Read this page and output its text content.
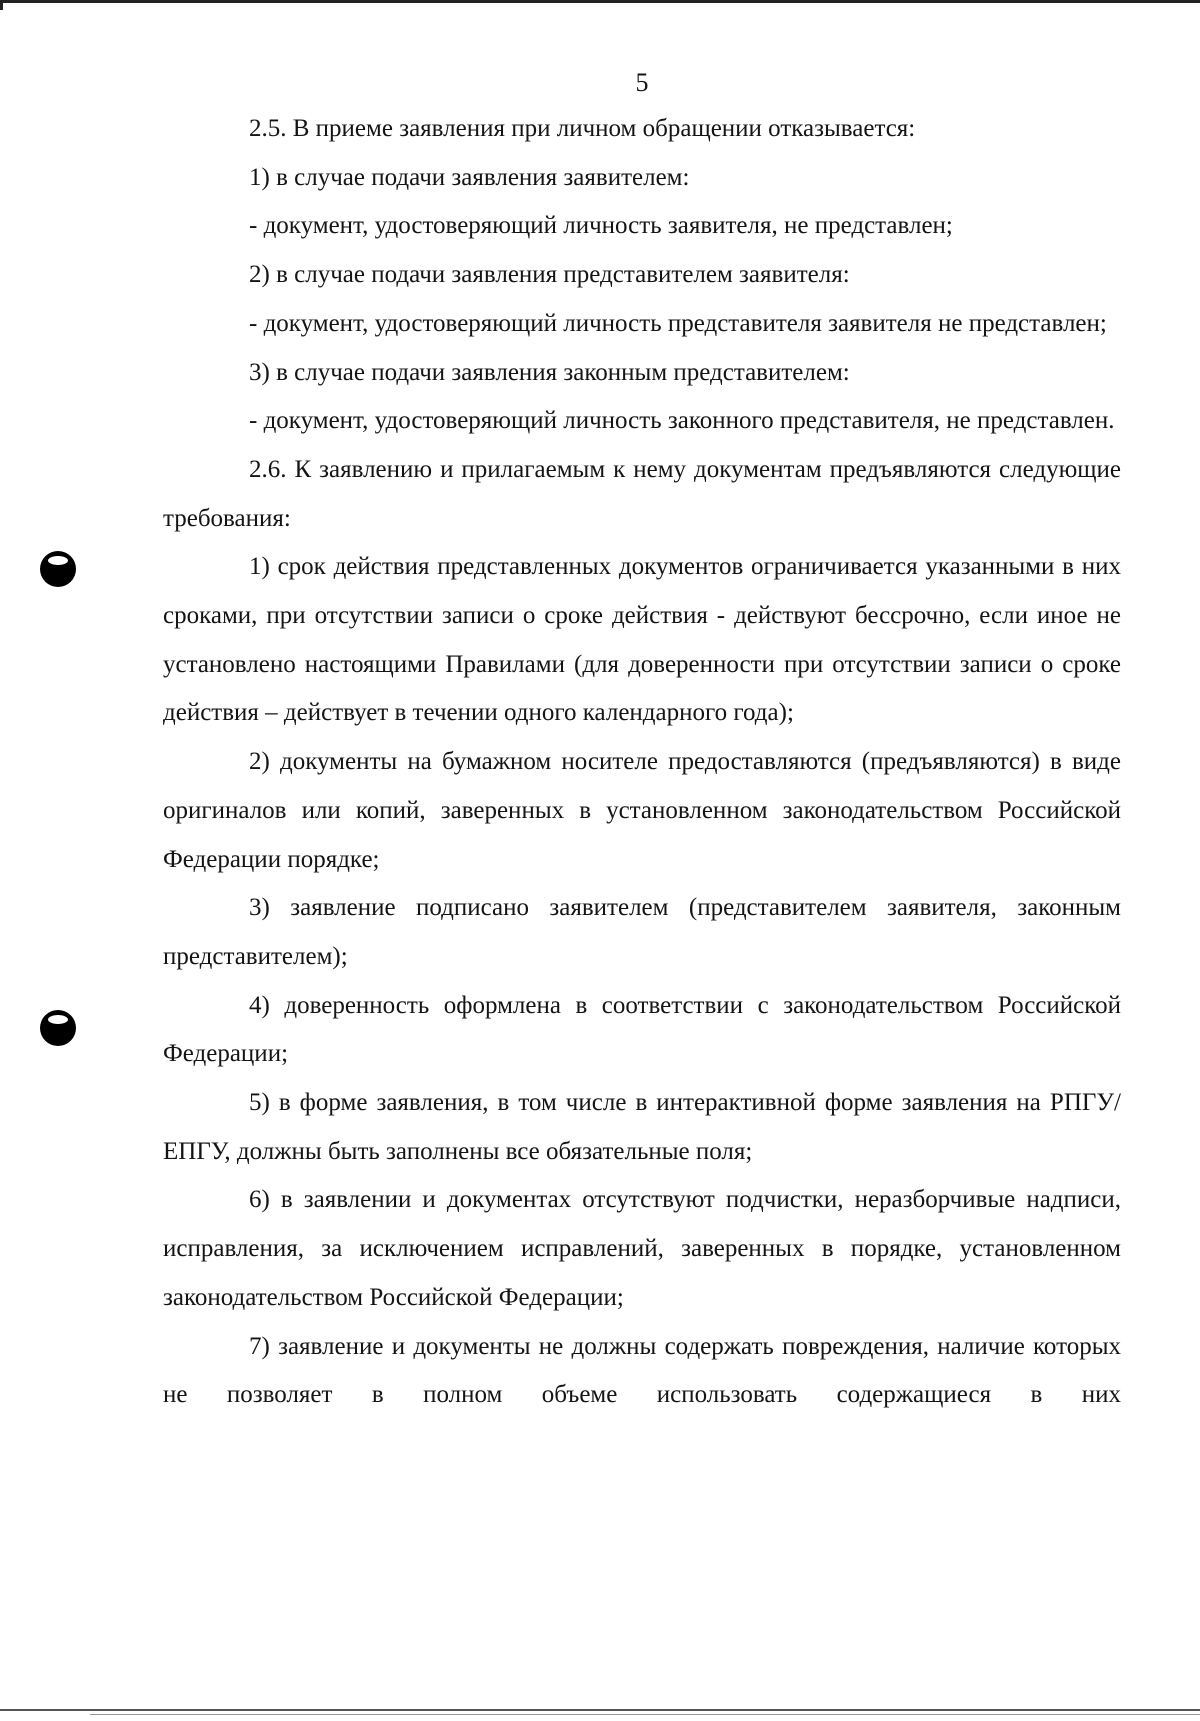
5

2.5. В приеме заявления при личном обращении отказывается:

1) в случае подачи заявления заявителем:

- документ, удостоверяющий личность заявителя, не представлен;

2) в случае подачи заявления представителем заявителя:

- документ, удостоверяющий личность представителя заявителя не представлен;

3) в случае подачи заявления законным представителем:

- документ, удостоверяющий личность законного представителя, не представлен.

2.6. К заявлению и прилагаемым к нему документам предъявляются следующие требования:

1) срок действия представленных документов ограничивается указанными в них сроками, при отсутствии записи о сроке действия - действуют бессрочно, если иное не установлено настоящими Правилами (для доверенности при отсутствии записи о сроке действия – действует в течении одного календарного года);

2) документы на бумажном носителе предоставляются (предъявляются) в виде оригиналов или копий, заверенных в установленном законодательством Российской Федерации порядке;

3) заявление подписано заявителем (представителем заявителя, законным представителем);

4) доверенность оформлена в соответствии с законодательством Российской Федерации;

5) в форме заявления, в том числе в интерактивной форме заявления на РПГУ/ЕПГУ, должны быть заполнены все обязательные поля;

6) в заявлении и документах отсутствуют подчистки, неразборчивые надписи, исправления, за исключением исправлений, заверенных в порядке, установленном законодательством Российской Федерации;

7) заявление и документы не должны содержать повреждения, наличие которых не позволяет в полном объеме использовать содержащиеся в них
